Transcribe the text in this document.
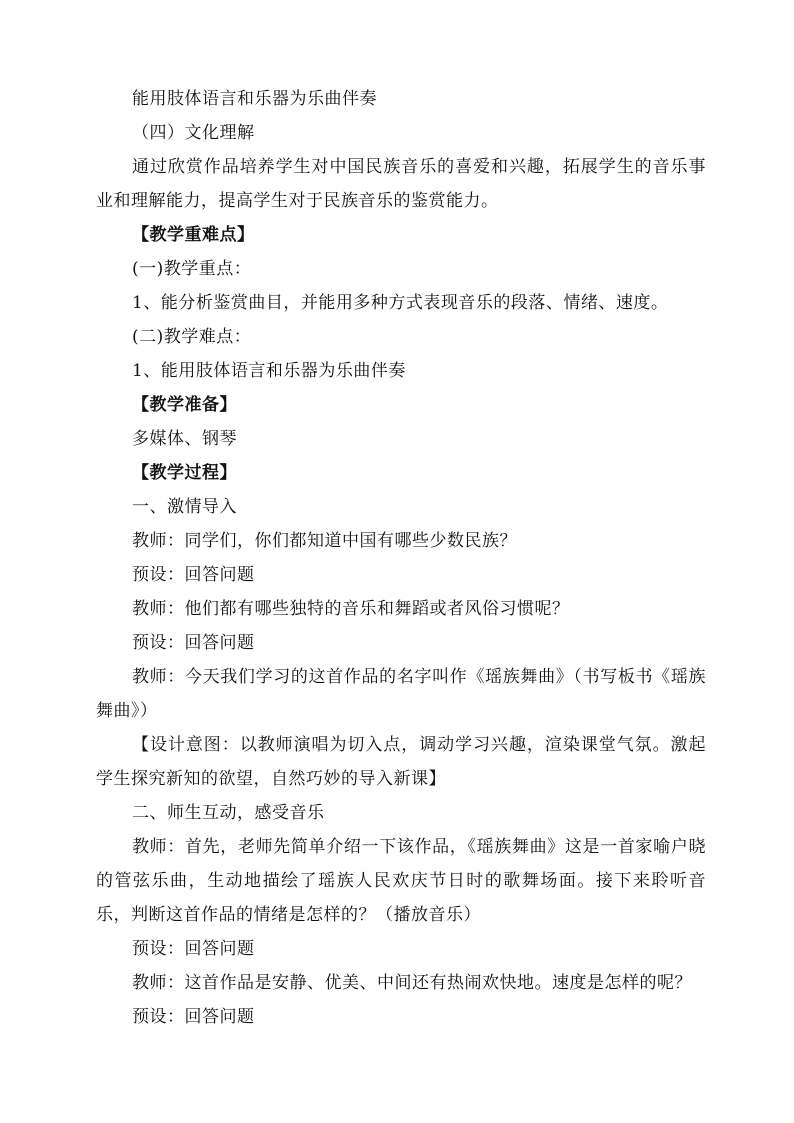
能用肢体语言和乐器为乐曲伴奏
（四）文化理解
通过欣赏作品培养学生对中国民族音乐的喜爱和兴趣，拓展学生的音乐事业和理解能力，提高学生对于民族音乐的鉴赏能力。
【教学重难点】
(一)教学重点：
1、能分析鉴赏曲目，并能用多种方式表现音乐的段落、情绪、速度。
(二)教学难点：
1、能用肢体语言和乐器为乐曲伴奏
【教学准备】
多媒体、钢琴
【教学过程】
一、激情导入
教师：同学们，你们都知道中国有哪些少数民族？
预设：回答问题
教师：他们都有哪些独特的音乐和舞蹈或者风俗习惯呢？
预设：回答问题
教师：今天我们学习的这首作品的名字叫作《瑶族舞曲》（书写板书《瑶族舞曲》）
【设计意图：以教师演唱为切入点，调动学习兴趣，渲染课堂气氛。激起学生探究新知的欲望，自然巧妙的导入新课】
二、师生互动，感受音乐
教师：首先，老师先简单介绍一下该作品，《瑶族舞曲》这是一首家喻户晓的管弦乐曲，生动地描绘了瑶族人民欢庆节日时的歌舞场面。接下来聆听音乐，判断这首作品的情绪是怎样的？（播放音乐）
预设：回答问题
教师：这首作品是安静、优美、中间还有热闹欢快地。速度是怎样的呢？
预设：回答问题
